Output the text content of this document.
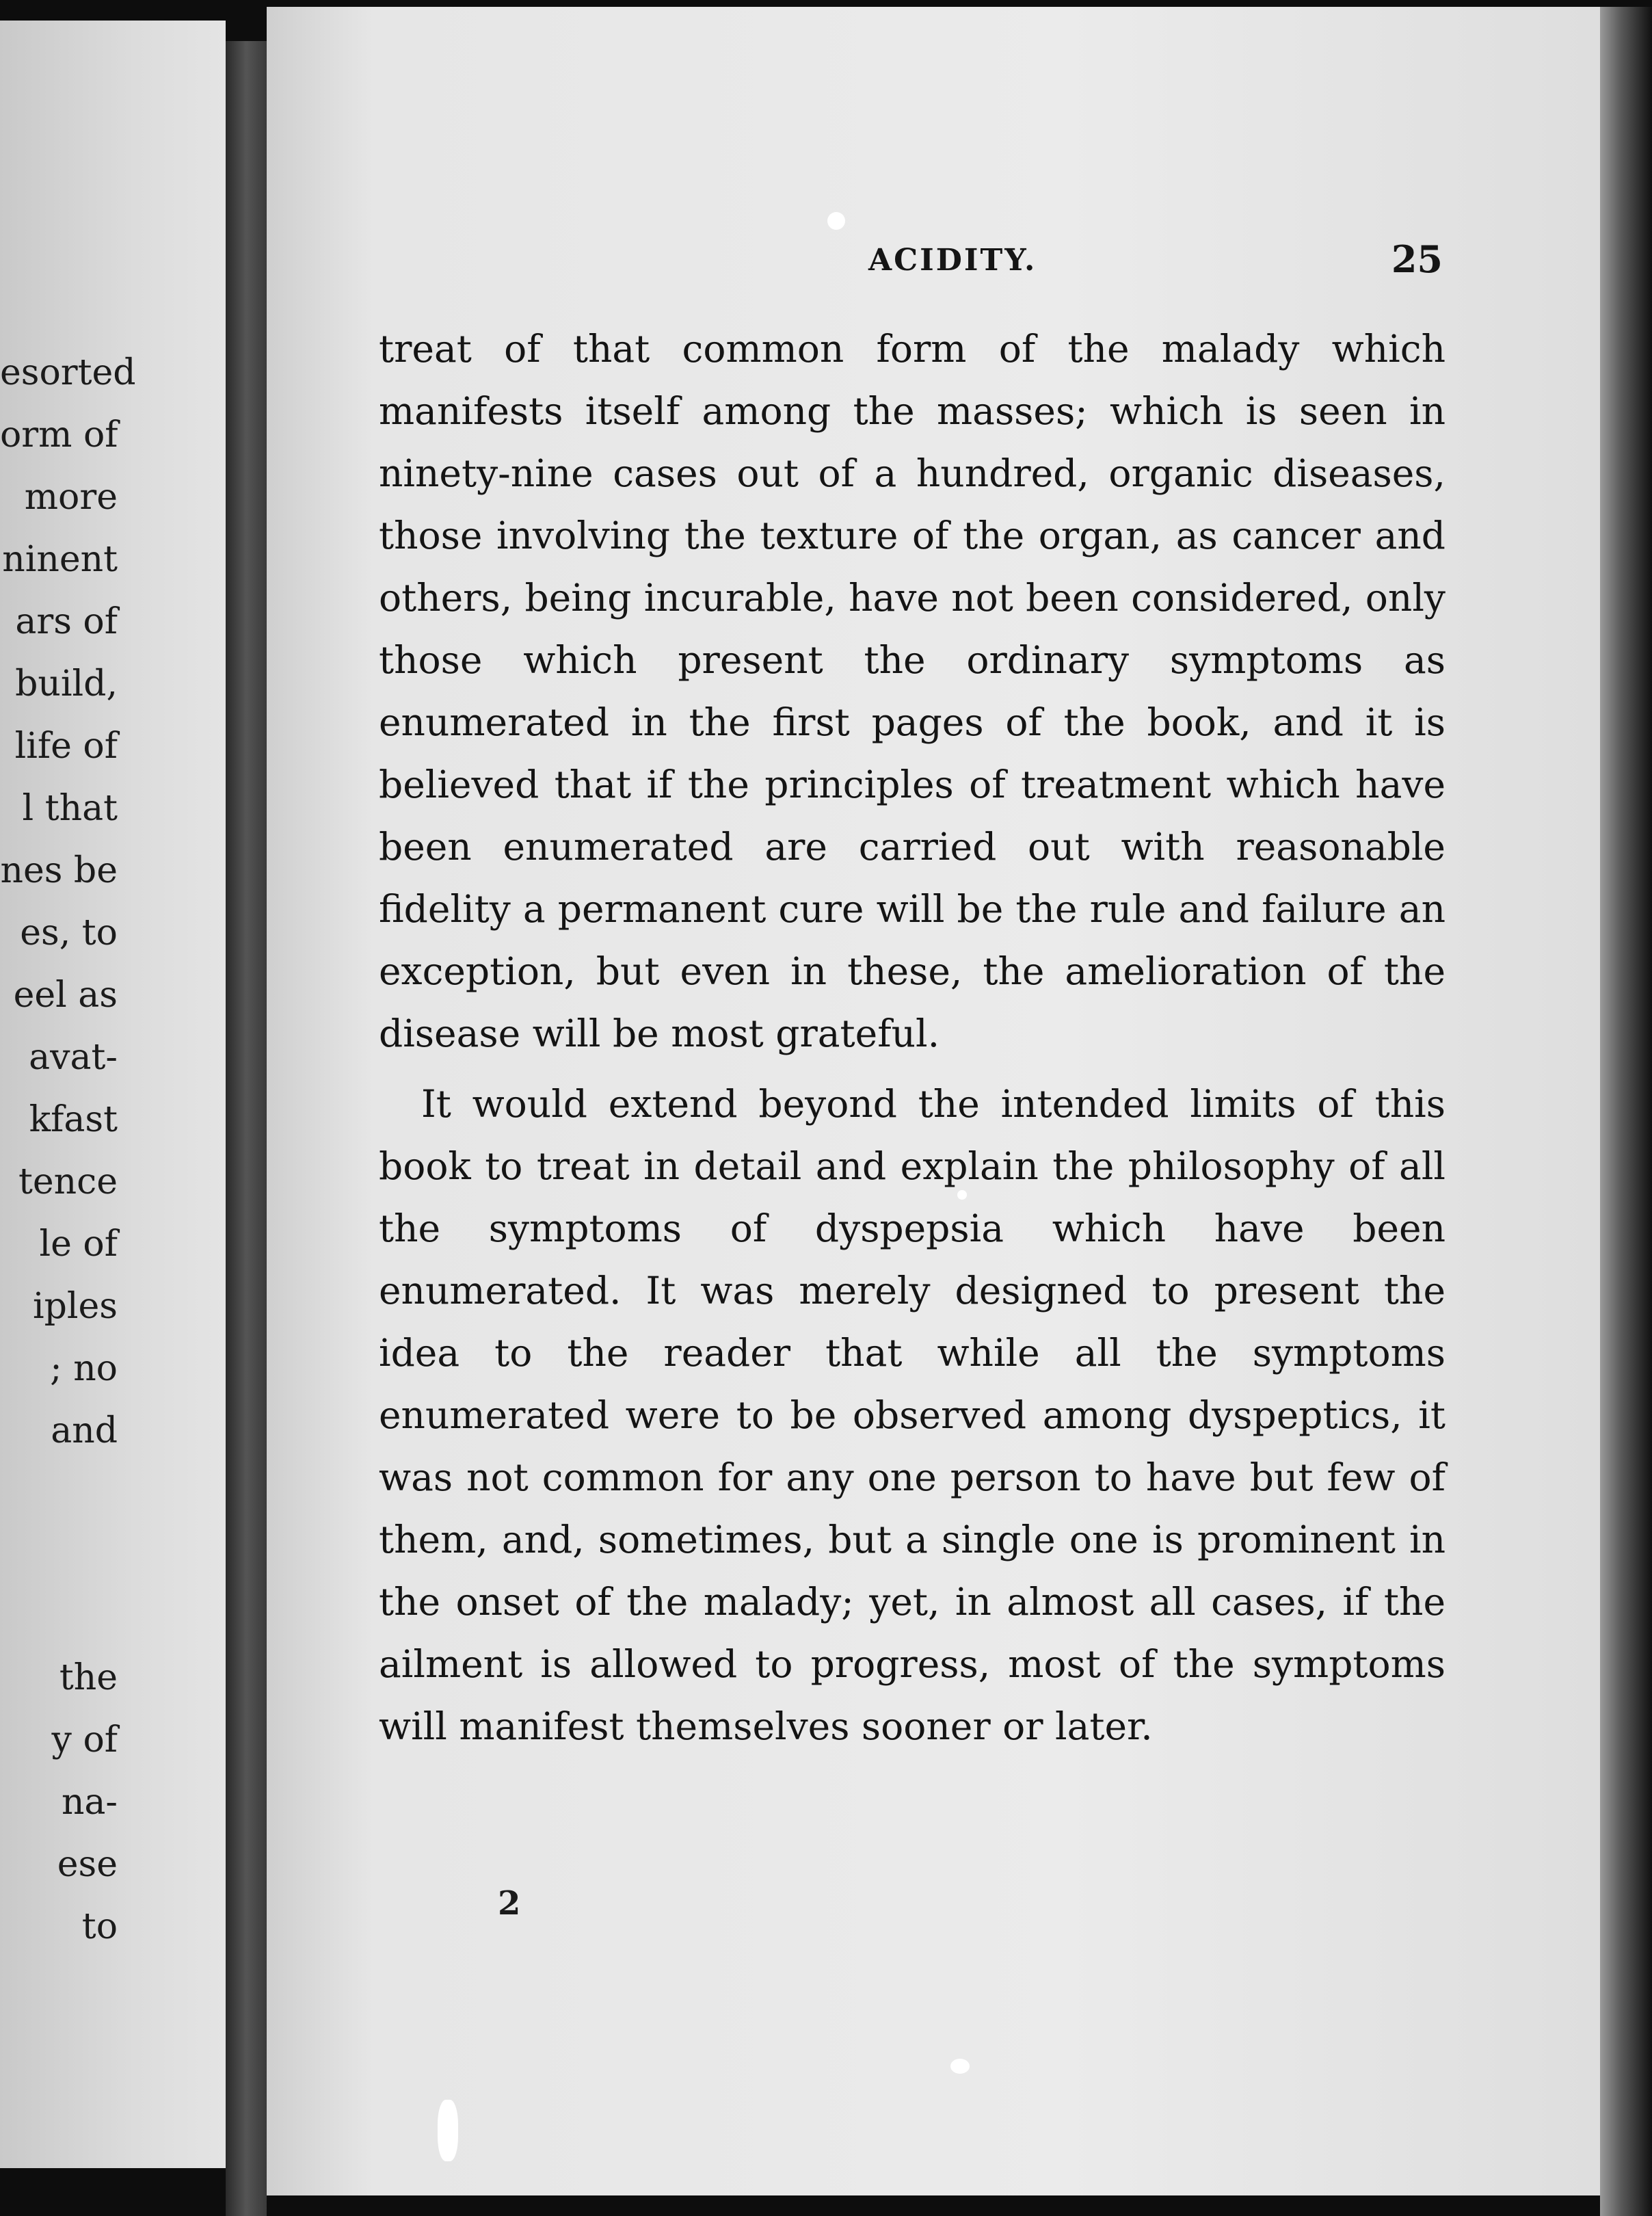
esorted
orm of
more
ninent
ars of
build,
life of
l that
nes be
es, to
eel as
avat-
kfast
tence
le of
iples
; no
and
the
y of
na-
ese
to
ACIDITY.	25

treat of that common form of the malady which manifests itself among the masses; which is seen in ninety-nine cases out of a hundred, organic diseases, those involving the texture of the organ, as cancer and others, being incurable, have not been considered, only those which present the ordinary symptoms as enumerated in the first pages of the book, and it is believed that if the principles of treatment which have been enumerated are carried out with reasonable fidelity a permanent cure will be the rule and failure an exception, but even in these, the amelioration of the disease will be most grateful.

It would extend beyond the intended limits of this book to treat in detail and explain the philosophy of all the symptoms of dyspepsia which have been enumerated. It was merely designed to present the idea to the reader that while all the symptoms enumerated were to be observed among dyspeptics, it was not common for any one person to have but few of them, and, sometimes, but a single one is prominent in the onset of the malady; yet, in almost all cases, if the ailment is allowed to progress, most of the symptoms will manifest themselves sooner or later.

2
